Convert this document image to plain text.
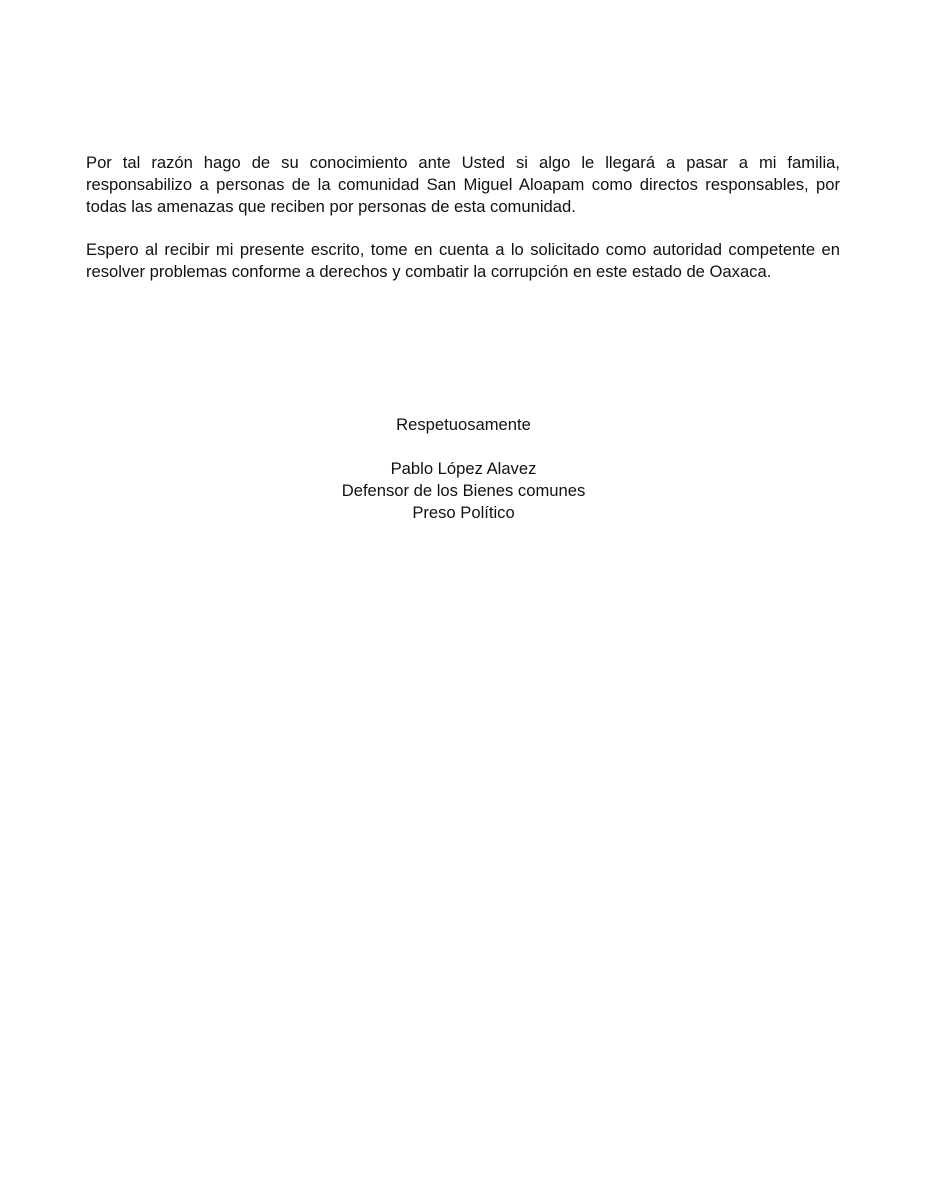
Por tal razón hago de su conocimiento ante Usted si algo le llegará a pasar a mi familia, responsabilizo a personas de la comunidad San Miguel Aloapam como directos responsables, por todas las amenazas que reciben por personas de esta comunidad.

Espero al recibir mi presente escrito, tome en cuenta a lo solicitado como autoridad competente en resolver problemas conforme a derechos y combatir la corrupción en este estado de Oaxaca.

Respetuosamente
Pablo López Alavez
Defensor de los Bienes comunes
Preso Político
